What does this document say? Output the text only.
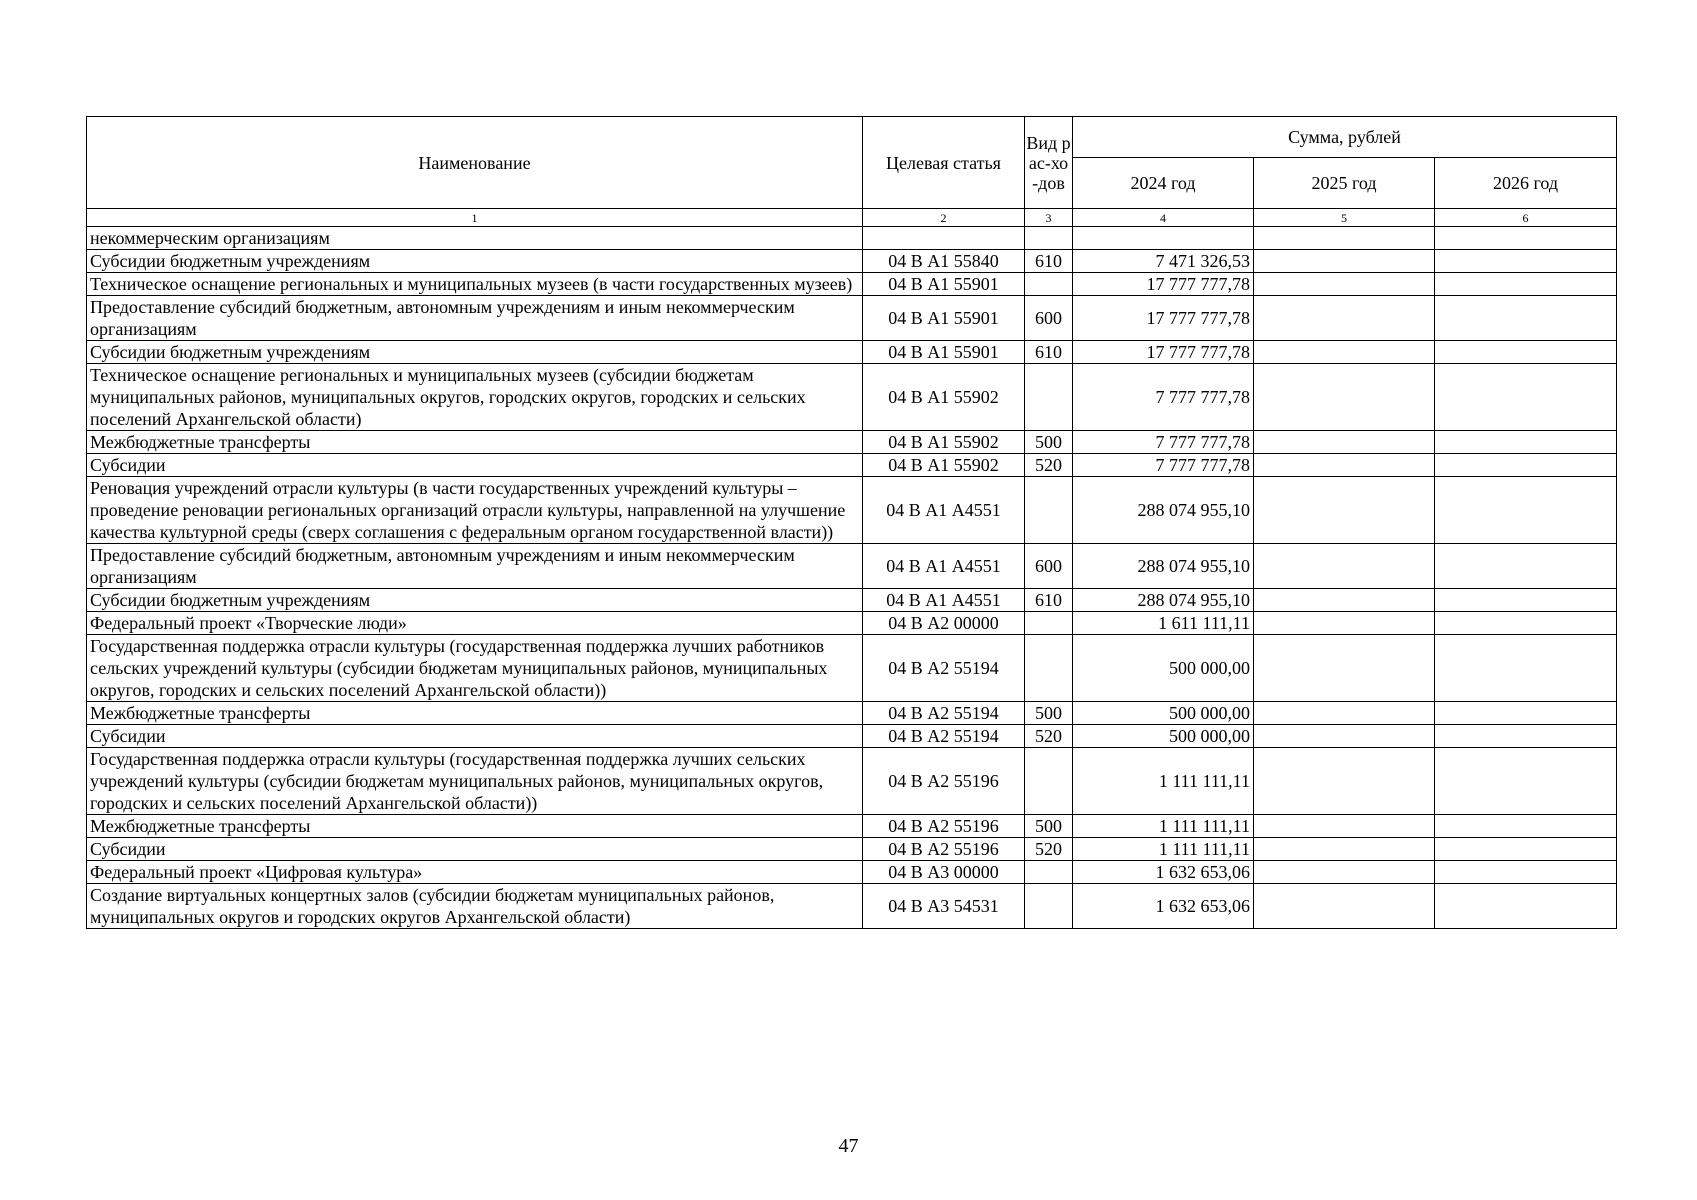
Наименование	Целевая статья	Вид рас-хо-дов	Сумма, рублей		
			2024 год	2025 год	2026 год
1	2	3	4	5	6
некоммерческим организациям					
Субсидии бюджетным учреждениям	04 В А1 55840	610	7 471 326,53		
Техническое оснащение региональных и муниципальных музеев (в части государственных музеев)	04 В А1 55901		17 777 777,78		
Предоставление субсидий бюджетным, автономным учреждениям и иным некоммерческим организациям	04 В А1 55901	600	17 777 777,78		
Субсидии бюджетным учреждениям	04 В А1 55901	610	17 777 777,78		
Техническое оснащение региональных и муниципальных музеев (субсидии бюджетам муниципальных районов, муниципальных округов, городских округов, городских и сельских поселений Архангельской области)	04 В А1 55902		7 777 777,78		
Межбюджетные трансферты	04 В А1 55902	500	7 777 777,78		
Субсидии	04 В А1 55902	520	7 777 777,78		
Реновация учреждений отрасли культуры (в части государственных учреждений культуры – проведение реновации региональных организаций отрасли культуры, направленной на улучшение качества культурной среды (сверх соглашения с федеральным органом государственной власти))	04 В А1 А4551		288 074 955,10		
Предоставление субсидий бюджетным, автономным учреждениям и иным некоммерческим организациям	04 В А1 А4551	600	288 074 955,10		
Субсидии бюджетным учреждениям	04 В А1 А4551	610	288 074 955,10		
Федеральный проект «Творческие люди»	04 В А2 00000		1 611 111,11		
Государственная поддержка отрасли культуры (государственная поддержка лучших работников сельских учреждений культуры (субсидии бюджетам муниципальных районов, муниципальных округов, городских и сельских поселений Архангельской области))	04 В А2 55194		500 000,00		
Межбюджетные трансферты	04 В А2 55194	500	500 000,00		
Субсидии	04 В А2 55194	520	500 000,00		
Государственная поддержка отрасли культуры (государственная поддержка лучших сельских учреждений культуры (субсидии бюджетам муниципальных районов, муниципальных округов, городских и сельских поселений Архангельской области))	04 В А2 55196		1 111 111,11		
Межбюджетные трансферты	04 В А2 55196	500	1 111 111,11		
Субсидии	04 В А2 55196	520	1 111 111,11		
Федеральный проект «Цифровая культура»	04 В А3 00000		1 632 653,06		
Создание виртуальных концертных залов (субсидии бюджетам муниципальных районов, муниципальных округов и городских округов Архангельской области)	04 В А3 54531		1 632 653,06		
47
